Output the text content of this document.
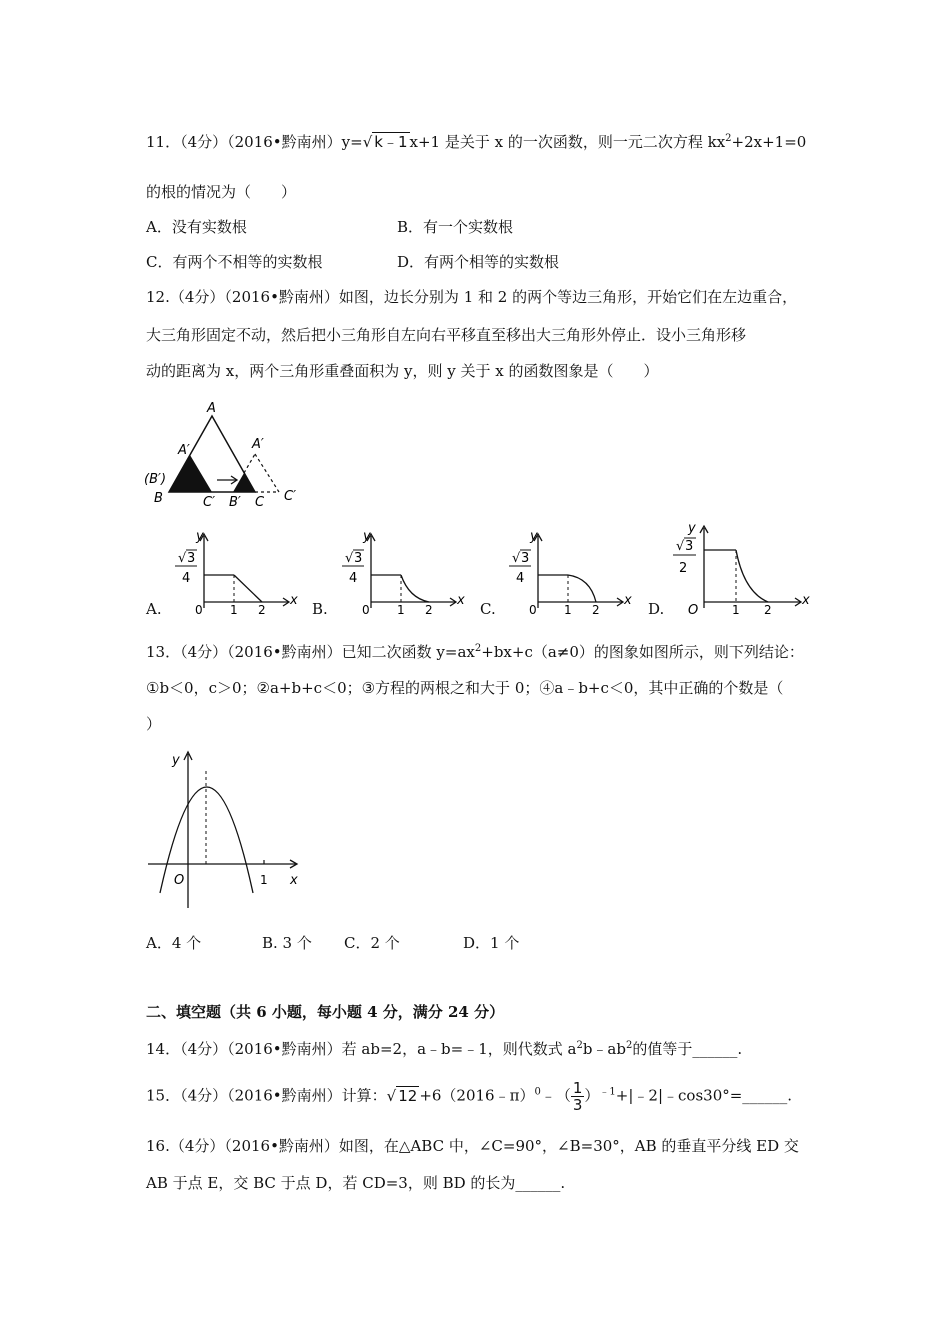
11．（4分）（2016•黔南州）y=√ k﹣1 x+1 是关于 x 的一次函数，则一元二次方程 $kx^2+2x+1=0$
的根的情况为（　　）
A．没有实数根	B．有一个实数根
C．有两个不相等的实数根	D．有两个相等的实数根
12.（4分）（2016•黔南州）如图，边长分别为 1 和 2 的两个等边三角形，开始它们在左边重合，
大三角形固定不动，然后把小三角形自左向右平移直至移出大三角形外停止．设小三角形移
动的距离为 x，两个三角形重叠面积为 y，则 y 关于 x 的函数图象是（　　）
A
A′	A′
(B′)
B	C′ B′ C C′
y
x
√ 3
4
0 1 2
y
x
√ 3
4
0 1 2
y
x
√ 3
4
0 1 2
y
x
√ 3
2
O	1 2
A.	B.	C.	D.
13．（4分）（2016•黔南州）已知二次函数 $y=ax^2+bx+c(a\ne 0)$的图象如图所示，则下列结论：
①b＜0，c＞0；②a+b+c＜0；③方程的两根之和大于 0；④a﹣b+c＜0，其中正确的个数是（
）
y
x
O	1
A．4 个	B. 3 个 C．2 个	D．1 个
二、填空题（共 6 小题，每小题 4 分，满分 24 分）
14．（4分）（2016•黔南州）若 ab=2，a﹣b=﹣1，则代数式 $a^2b﹣ab^2$的值等于______.
15．（4分）（2016•黔南州）计算：√ 12 +6（2016﹣π）$^0$﹣（ $\frac{1}{3}$ ）$^{﹣1}$+|﹣2|﹣cos30°=______.
16.（4分）（2016•黔南州）如图，在△ABC 中，∠C=90°，∠B=30°，AB 的垂直平分线 ED 交
AB 于点 E，交 BC 于点 D，若 CD=3，则 BD 的长为______.
